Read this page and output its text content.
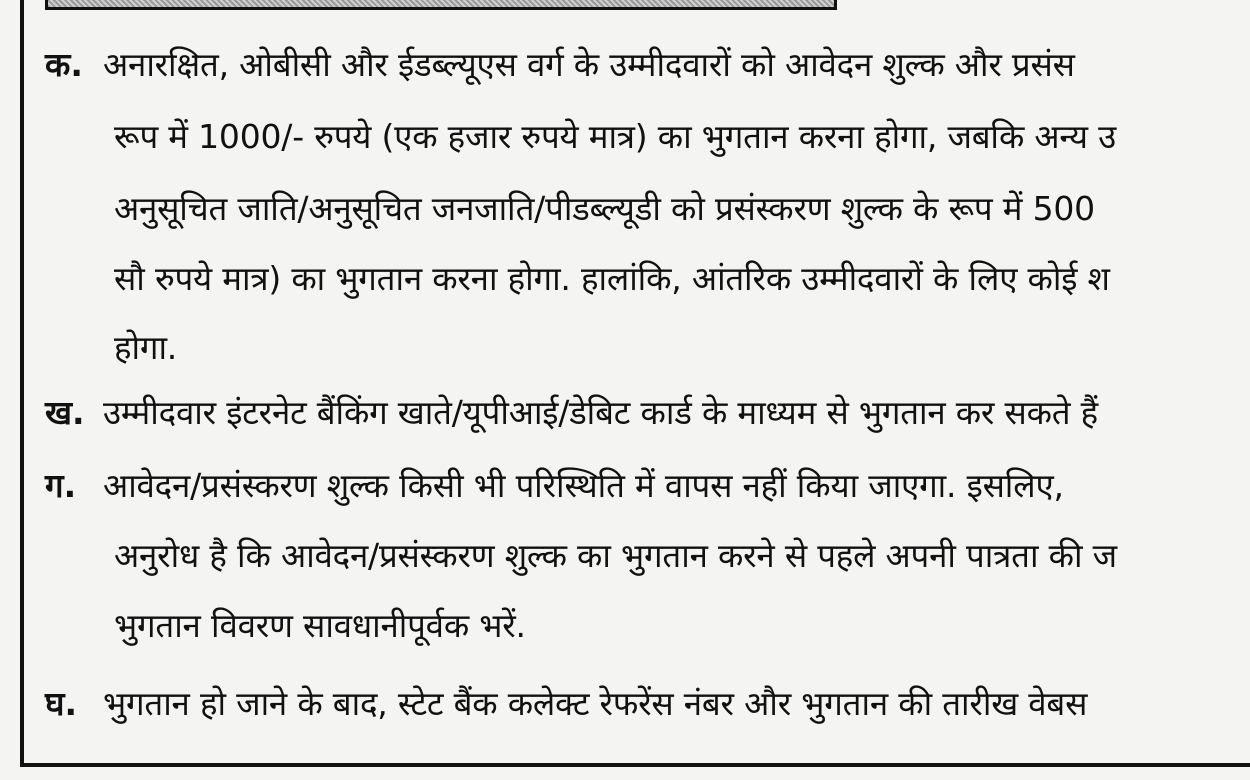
क. अनारक्षित, ओबीसी और ईडब्ल्यूएस वर्ग के उम्मीदवारों को आवेदन शुल्क और प्रसंस
रूप में 1000/- रुपये (एक हजार रुपये मात्र) का भुगतान करना होगा, जबकि अन्य उ
अनुसूचित जाति/अनुसूचित जनजाति/पीडब्ल्यूडी को प्रसंस्करण शुल्क के रूप में 500
सौ रुपये मात्र) का भुगतान करना होगा. हालांकि, आंतरिक उम्मीदवारों के लिए कोई श
होगा.
ख. उम्मीदवार इंटरनेट बैंकिंग खाते/यूपीआई/डेबिट कार्ड के माध्यम से भुगतान कर सकते हैं
ग. आवेदन/प्रसंस्करण शुल्क किसी भी परिस्थिति में वापस नहीं किया जाएगा. इसलिए,
अनुरोध है कि आवेदन/प्रसंस्करण शुल्क का भुगतान करने से पहले अपनी पात्रता की ज
भुगतान विवरण सावधानीपूर्वक भरें.
घ. भुगतान हो जाने के बाद, स्टेट बैंक कलेक्ट रेफरेंस नंबर और भुगतान की तारीख वेबस
